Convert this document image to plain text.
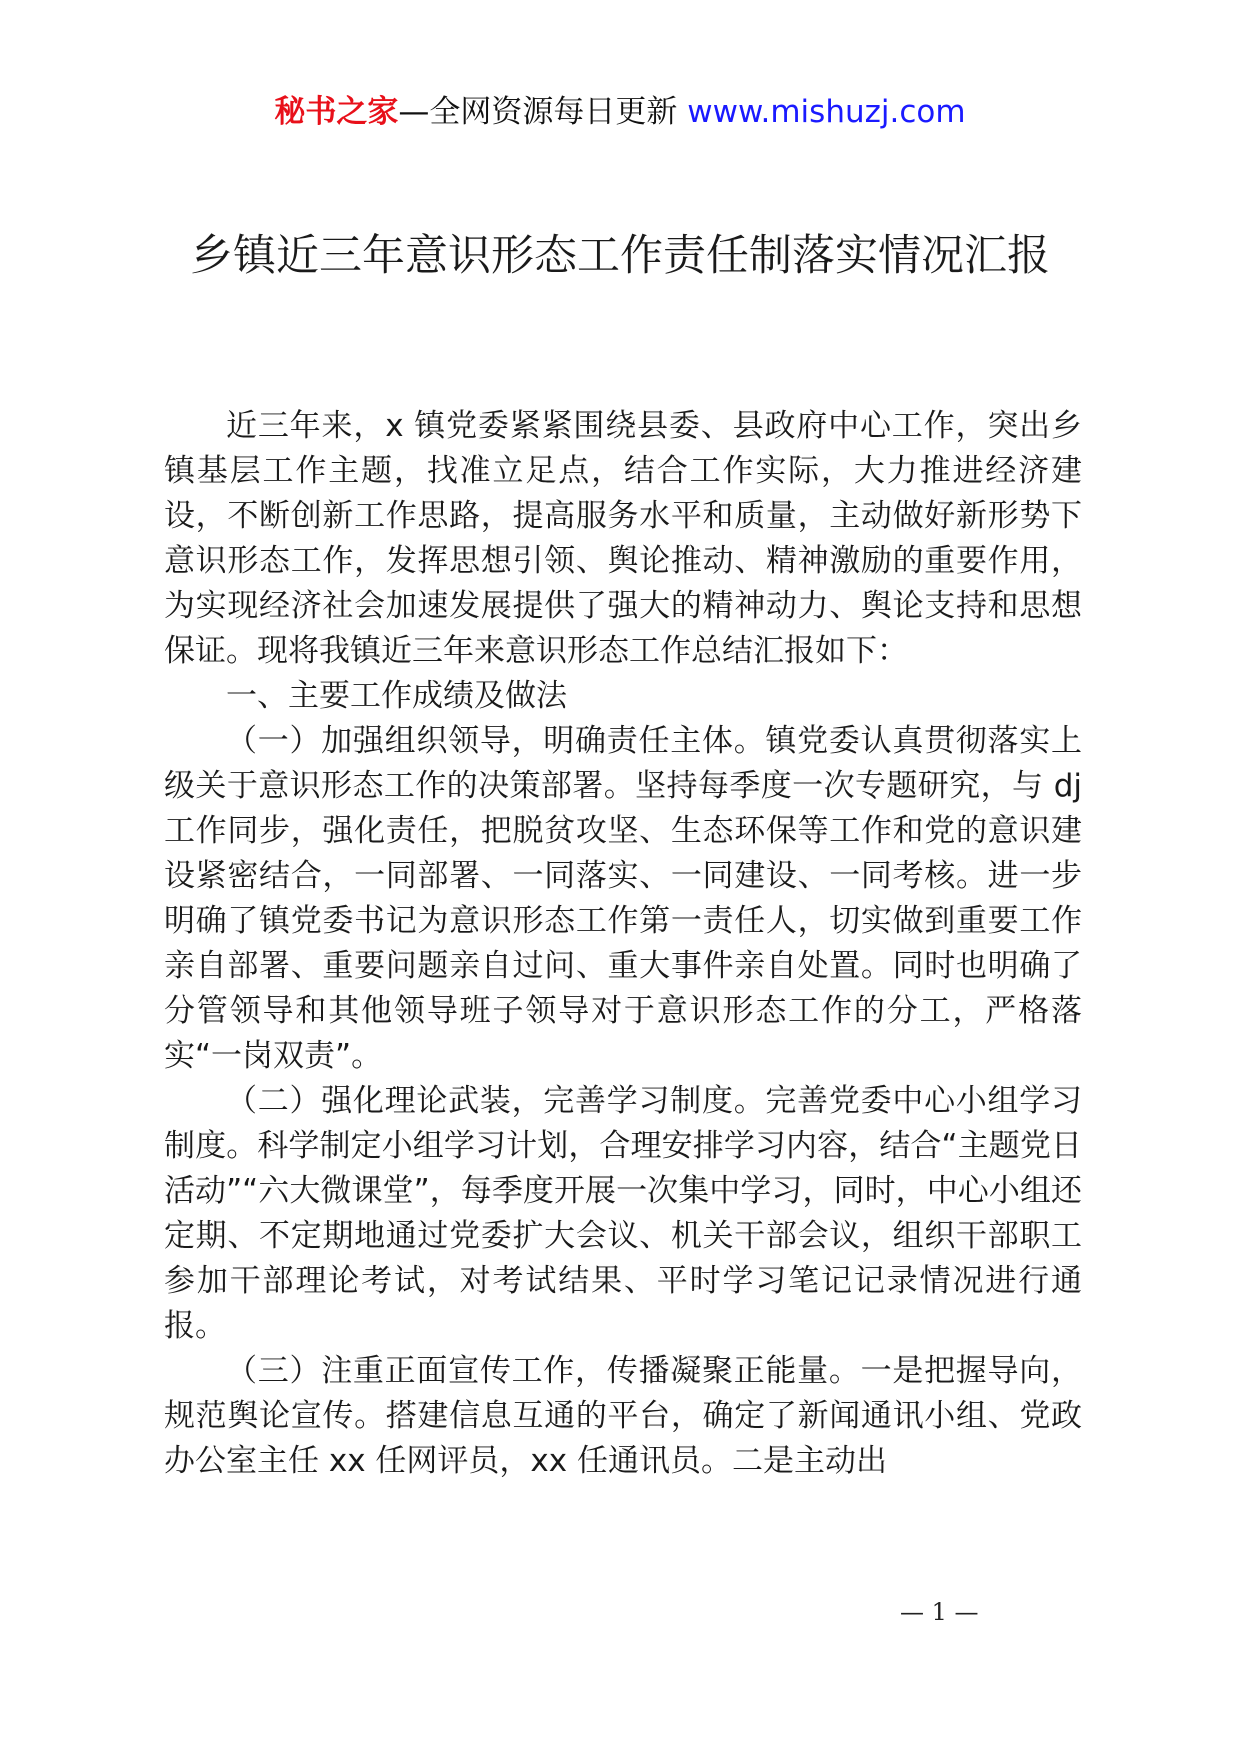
秘书之家—全网资源每日更新 www.mishuzj.com
乡镇近三年意识形态工作责任制落实情况汇报

近三年来，x 镇党委紧紧围绕县委、县政府中心工作，突出乡镇基层工作主题，找准立足点，结合工作实际，大力推进经济建设，不断创新工作思路，提高服务水平和质量，主动做好新形势下意识形态工作，发挥思想引领、舆论推动、精神激励的重要作用，为实现经济社会加速发展提供了强大的精神动力、舆论支持和思想保证。现将我镇近三年来意识形态工作总结汇报如下：

一、主要工作成绩及做法

（一）加强组织领导，明确责任主体。镇党委认真贯彻落实上级关于意识形态工作的决策部署。坚持每季度一次专题研究，与 dj 工作同步，强化责任，把脱贫攻坚、生态环保等工作和党的意识建设紧密结合，一同部署、一同落实、一同建设、一同考核。进一步明确了镇党委书记为意识形态工作第一责任人，切实做到重要工作亲自部署、重要问题亲自过问、重大事件亲自处置。同时也明确了分管领导和其他领导班子领导对于意识形态工作的分工，严格落实“一岗双责”。

（二）强化理论武装，完善学习制度。完善党委中心小组学习制度。科学制定小组学习计划，合理安排学习内容，结合“主题党日活动”“六大微课堂”，每季度开展一次集中学习，同时，中心小组还定期、不定期地通过党委扩大会议、机关干部会议，组织干部职工参加干部理论考试，对考试结果、平时学习笔记记录情况进行通报。

（三）注重正面宣传工作，传播凝聚正能量。一是把握导向，规范舆论宣传。搭建信息互通的平台，确定了新闻通讯小组、党政办公室主任 xx 任网评员，xx 任通讯员。二是主动出

— 1 —
